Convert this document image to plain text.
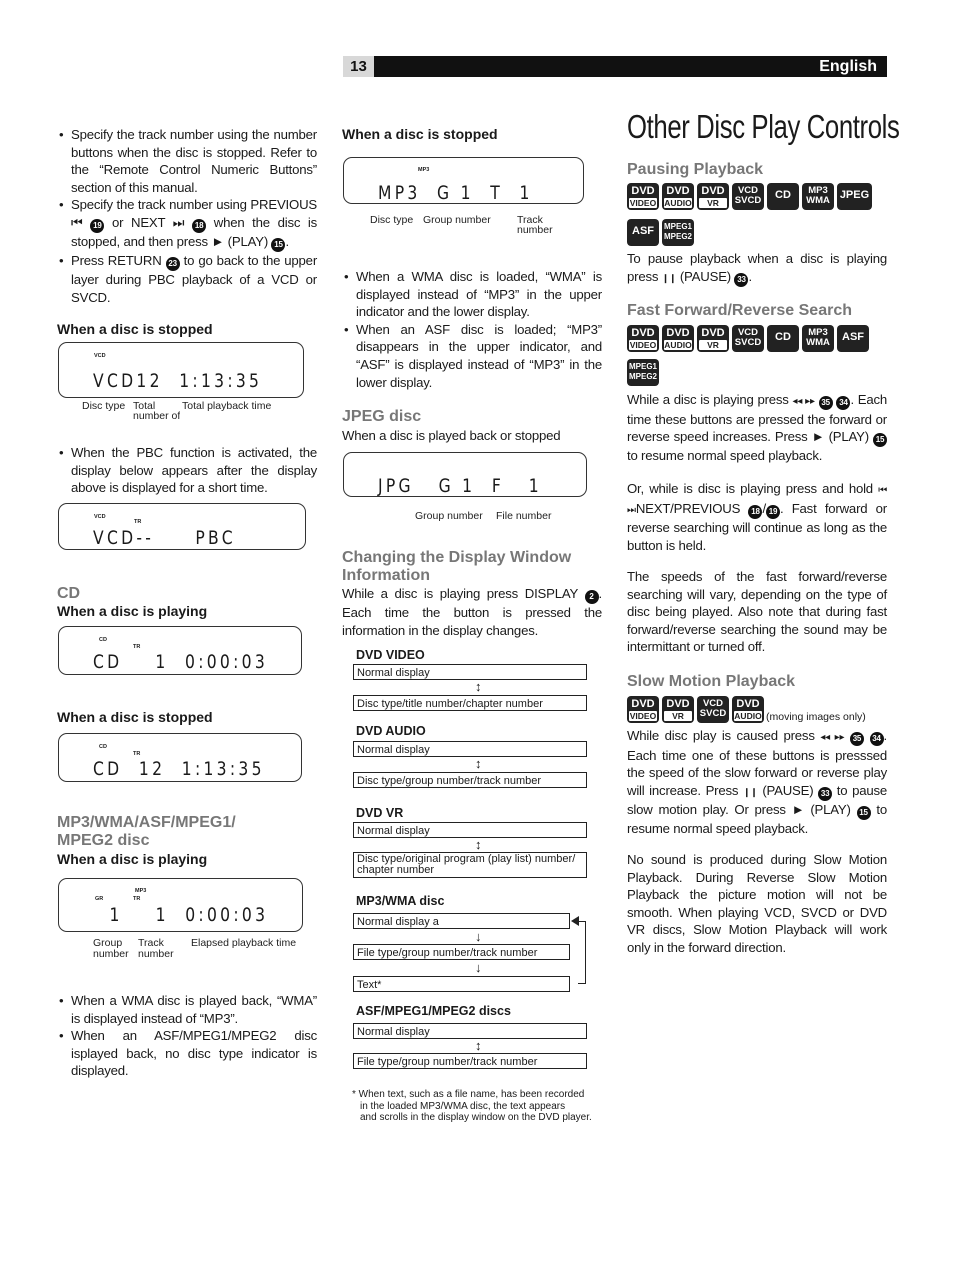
13	English
• Specify the track number using the number buttons when the disc is stopped. Refer to the “Remote Control Numeric Buttons” section of this manual.
• Specify the track number using PREVIOUS ⏮ 19 or NEXT ⏭ 18 when the disc is stopped, and then press ► (PLAY) 15 .
• Press RETURN 23 to go back to the upper layer during PBC playback of a VCD or SVCD.
When a disc is stopped
VCD
VCD12  1:13:35
Disc type Total
number of
Total playback time
• When the PBC function is activated, the display below appears after the display above is displayed for a short time.
VCD
TR
VCD--     PBC
CD
When a disc is playing
CD
TR
CD    1  0:00:03
When a disc is stopped
CD
TR
CD  12  1:13:35
MP3/WMA/ASF/MPEG1/
MPEG2 disc
When a disc is playing
MP3
GR	TR
1    1  0:00:03
Group
number
Track
number
Elapsed playback time
• When a WMA disc is played back, “WMA” is displayed instead of “MP3”.
• When an ASF/MPEG1/MPEG2 disc isplayed back, no disc type indicator is displayed.
When a disc is stopped
MP3
MP3  G 1  T  1
Disc type Group number	Track
number
• When a WMA disc is loaded, “WMA” is displayed instead of “MP3” in the upper indicator and the lower display.
• When an ASF disc is loaded; “MP3” disappears in the upper indicator, and “ASF” is displayed instead of “MP3” in the lower display.
JPEG disc
When a disc is played back or stopped
JPG   G 1  F   1
Group number File number
Changing the Display Window
Information
While a disc is playing press DISPLAY 2 . Each time the button is pressed the information in the display changes.
DVD VIDEO
Normal display
↕
Disc type/title number/chapter number
DVD AUDIO
Normal display
↕
Disc type/group number/track number
DVD VR
Normal display
↕
Disc type/original program (play list) number/ chapter number
MP3/WMA disc
Normal display a
↓
File type/group number/track number
↓
Text*
ASF/MPEG1/MPEG2 discs
Normal display
↕
File type/group number/track number
* When text, such as a file name, has been recorded
in the loaded MP3/WMA disc, the text appears
and scrolls in the display window on the DVD player.
Other Disc Play Controls
Pausing Playback
DVD
VIDEO
DVD
AUDIO
DVD
VR
VCD
SVCD	CD	MP3
WMA JPEG
ASF	MPEG1
MPEG2
To pause playback when a disc is playing press ❙❙ (PAUSE) 33 .
Fast Forward/Reverse Search
DVD
VIDEO
DVD
AUDIO
DVD
VR
VCD
SVCD	CD	MP3
WMA	ASF
MPEG1
MPEG2
While a disc is playing press ◂◂ ▸▸ 35 34 . Each time these buttons are pressed the forward or reverse speed increases. Press ► (PLAY) 15 to resume normal speed playback.
Or, while is disc is playing press and hold ⏮ ⏭NEXT/PREVIOUS 18 / 19 . Fast forward or reverse searching will continue as long as the button is held.
The speeds of the fast forward/reverse searching will vary, depending on the type of disc being played. Also note that during fast forward/reverse searching the sound may be intermittant or turned off.
Slow Motion Playback
DVD
VIDEO
DVD
VR
VCD
SVCD
DVD
AUDIO (moving images only)
While disc play is caused press ◂◂ ▸▸ 35 34 . Each time one of these buttons is presssed the speed of the slow forward or reverse play will increase. Press ❙❙ (PAUSE) 33 to pause slow motion play. Or press ► (PLAY) 15 to resume normal speed playback.
No sound is produced during Slow Motion Playback. During Reverse Slow Motion Playback the picture motion will not be smooth. When playing VCD, SVCD or DVD VR discs, Slow Motion Playback will work only in the forward direction.
